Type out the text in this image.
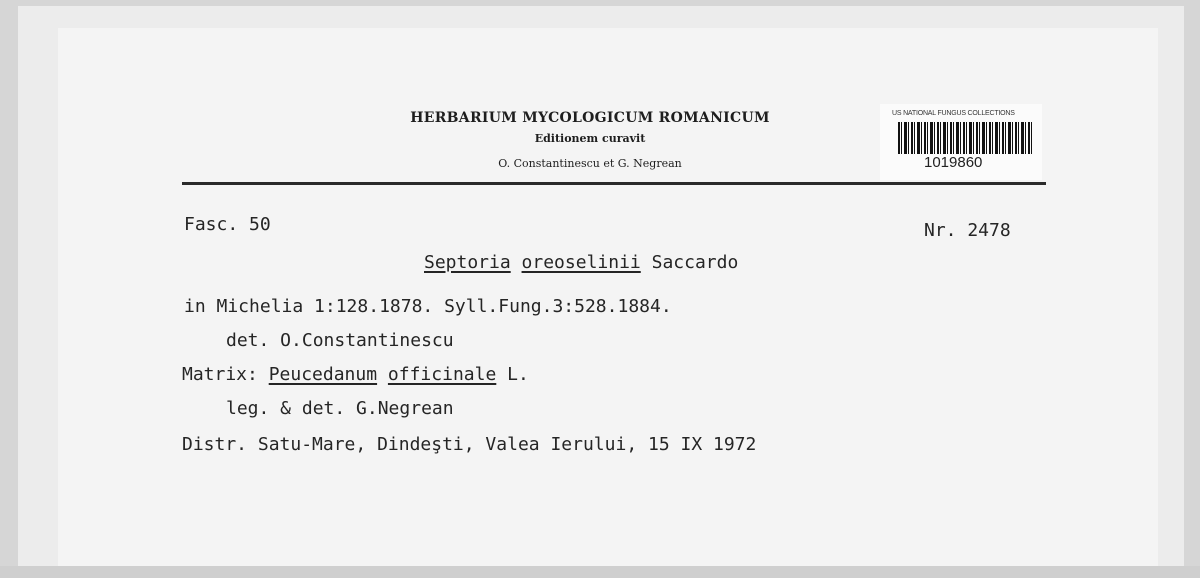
HERBARIUM MYCOLOGICUM ROMANICUM
Editionem curavit
O. Constantinescu et G. Negrean
US NATIONAL FUNGUS COLLECTIONS
1019860
Fasc. 50	Nr. 2478
Septoria oreoselinii Saccardo
in Michelia 1:128.1878. Syll.Fung.3:528.1884.
det. O.Constantinescu
Matrix: Peucedanum officinale L.
leg. & det. G.Negrean
Distr. Satu-Mare, Dindeşti, Valea Ierului, 15 IX 1972
